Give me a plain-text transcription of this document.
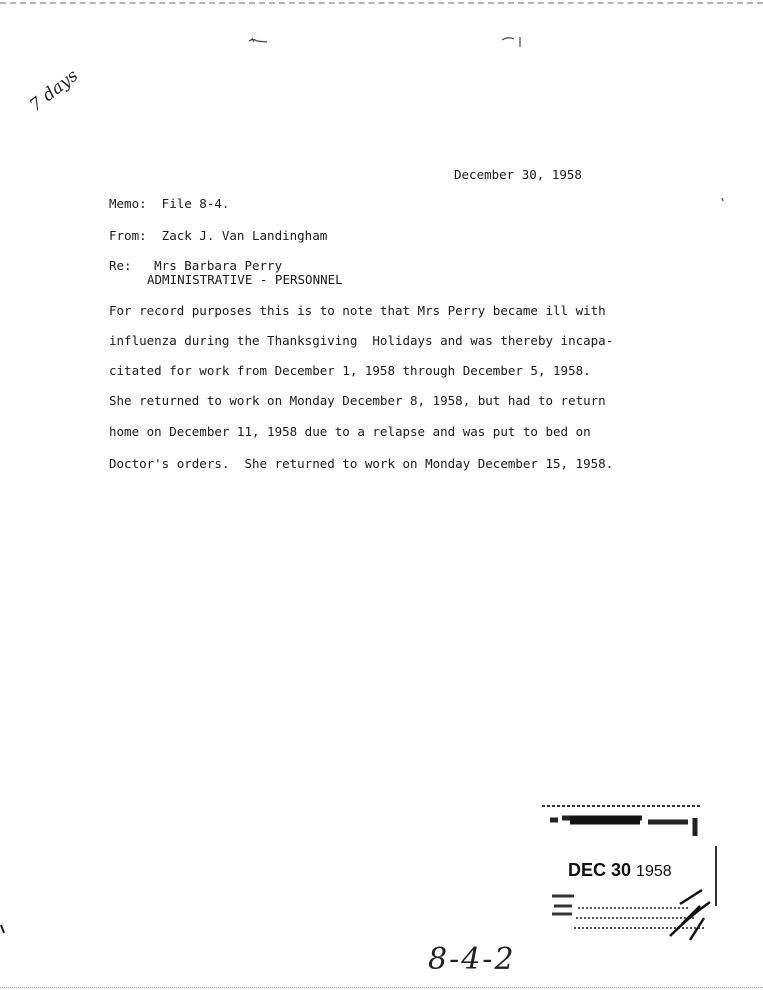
7 days
December 30, 1958
Memo:  File 8-4.
From:  Zack J. Van Landingham
Re:   Mrs Barbara Perry
ADMINISTRATIVE - PERSONNEL
For record purposes this is to note that Mrs Perry became ill with
influenza during the Thanksgiving  Holidays and was thereby incapa-
citated for work from December 1, 1958 through December 5, 1958.
She returned to work on Monday December 8, 1958, but had to return
home on December 11, 1958 due to a relapse and was put to bed on
Doctor's orders.  She returned to work on Monday December 15, 1958.
DEC 30 1958
8-4-2
